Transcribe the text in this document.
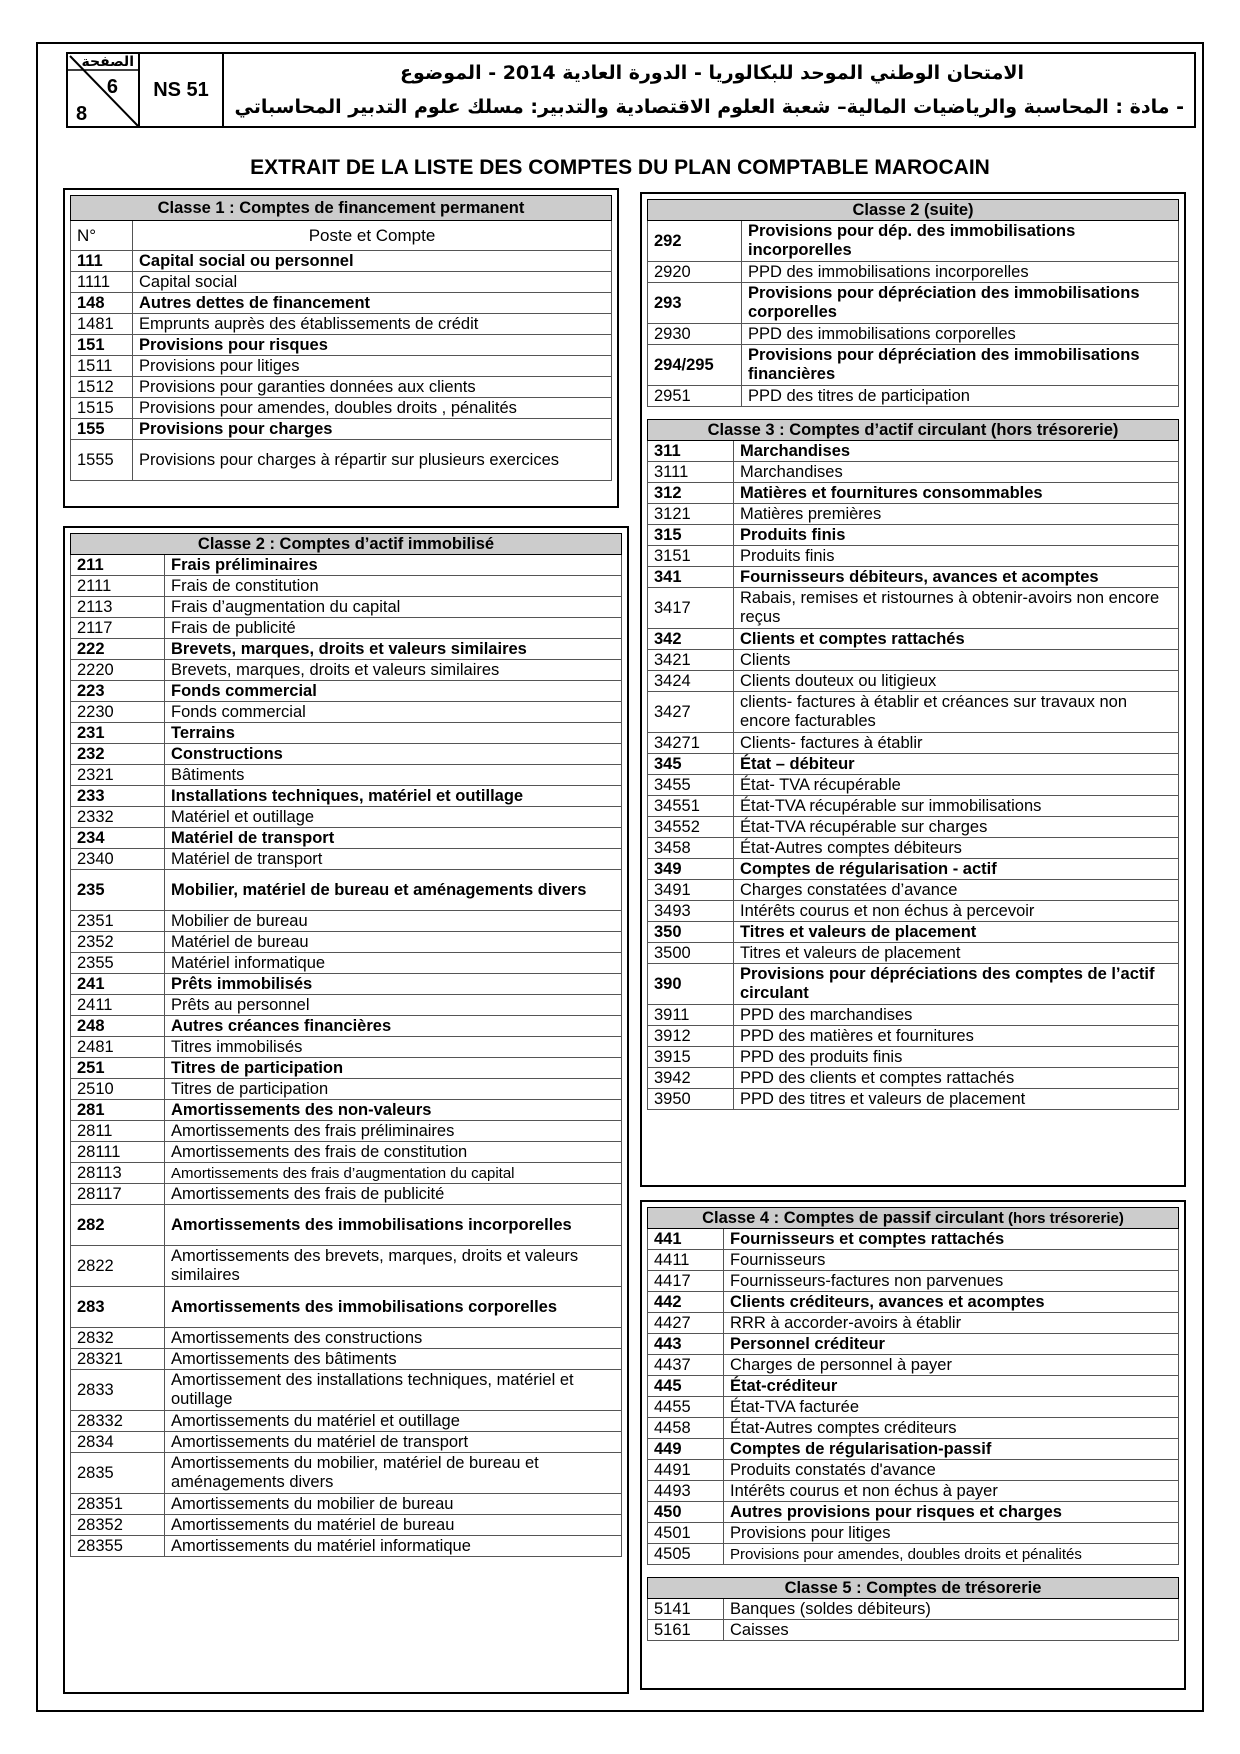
الصفحة
6
8
NS 51
الامتحان الوطني الموحد للبكالوريا - الدورة العادية 2014 - الموضوع
- مادة : المحاسبة والرياضيات المالية– شعبة العلوم الاقتصادية والتدبير: مسلك علوم التدبير المحاسباتي
EXTRAIT DE LA LISTE DES COMPTES DU PLAN COMPTABLE MAROCAIN
Classe 1 : Comptes de financement permanent	
N°	Poste et Compte
111	Capital social ou personnel
1111	Capital social
148	Autres dettes de financement
1481	Emprunts auprès des établissements de crédit
151	Provisions pour risques
1511	Provisions pour litiges
1512	Provisions pour garanties données aux clients
1515	Provisions pour amendes, doubles droits , pénalités
155	Provisions pour charges
1555	Provisions pour charges à répartir sur plusieurs exercices
Classe 2 : Comptes d’actif immobilisé	
211	Frais préliminaires
2111	Frais de constitution
2113	Frais d’augmentation du capital
2117	Frais de publicité
222	Brevets, marques, droits et valeurs similaires
2220	Brevets, marques, droits et valeurs similaires
223	Fonds commercial
2230	Fonds commercial
231	Terrains
232	Constructions
2321	Bâtiments
233	Installations techniques, matériel et outillage
2332	Matériel et outillage
234	Matériel de transport
2340	Matériel de transport
235	Mobilier, matériel de bureau et aménagements divers
2351	Mobilier de bureau
2352	Matériel de bureau
2355	Matériel informatique
241	Prêts immobilisés
2411	Prêts au personnel
248	Autres créances financières
2481	Titres immobilisés
251	Titres de participation
2510	Titres de participation
281	Amortissements des non-valeurs
2811	Amortissements des frais préliminaires
28111	Amortissements des frais de constitution
28113	Amortissements des frais d’augmentation du capital
28117	Amortissements des frais de publicité
282	Amortissements des immobilisations incorporelles
2822	Amortissements des brevets, marques, droits et valeurs similaires
283	Amortissements des immobilisations corporelles
2832	Amortissements des constructions
28321	Amortissements des bâtiments
2833	Amortissement des installations techniques, matériel et outillage
28332	Amortissements du matériel et outillage
2834	Amortissements du matériel de transport
2835	Amortissements du mobilier, matériel de bureau et aménagements divers
28351	Amortissements du mobilier de bureau
28352	Amortissements du matériel de bureau
28355	Amortissements du matériel informatique
Classe 2 (suite)	
292	Provisions pour dép. des immobilisations incorporelles
2920	PPD des immobilisations incorporelles
293	Provisions pour dépréciation des immobilisations corporelles
2930	PPD des immobilisations corporelles
294/295	Provisions pour dépréciation des immobilisations financières
2951	PPD des titres de participation
Classe 3 : Comptes d’actif circulant (hors trésorerie)	
311	Marchandises
3111	Marchandises
312	Matières et fournitures consommables
3121	Matières premières
315	Produits finis
3151	Produits finis
341	Fournisseurs débiteurs, avances et acomptes
3417	Rabais, remises et ristournes à obtenir-avoirs non encore reçus
342	Clients et comptes rattachés
3421	Clients
3424	Clients douteux ou litigieux
3427	clients- factures à établir et créances sur travaux non encore facturables
34271	Clients- factures à établir
345	État – débiteur
3455	État- TVA récupérable
34551	État-TVA récupérable sur immobilisations
34552	État-TVA récupérable sur charges
3458	État-Autres comptes débiteurs
349	Comptes de régularisation - actif
3491	Charges constatées d’avance
3493	Intérêts courus et non échus à percevoir
350	Titres et valeurs de placement
3500	Titres et valeurs de placement
390	Provisions pour dépréciations des comptes de l’actif circulant
3911	PPD des marchandises
3912	PPD des matières et fournitures
3915	PPD des produits finis
3942	PPD des clients et comptes rattachés
3950	PPD des titres et valeurs de placement
Classe 4 : Comptes de passif circulant (hors trésorerie)	
441	Fournisseurs et comptes rattachés
4411	Fournisseurs
4417	Fournisseurs-factures non parvenues
442	Clients créditeurs, avances et acomptes
4427	RRR à accorder-avoirs à établir
443	Personnel créditeur
4437	Charges de personnel à payer
445	État-créditeur
4455	État-TVA facturée
4458	État-Autres comptes créditeurs
449	Comptes de régularisation-passif
4491	Produits constatés d'avance
4493	Intérêts courus et non échus à payer
450	Autres provisions pour risques et charges
4501	Provisions pour litiges
4505	Provisions pour amendes, doubles droits et pénalités
Classe 5 : Comptes de trésorerie	
5141	Banques (soldes débiteurs)
5161	Caisses
